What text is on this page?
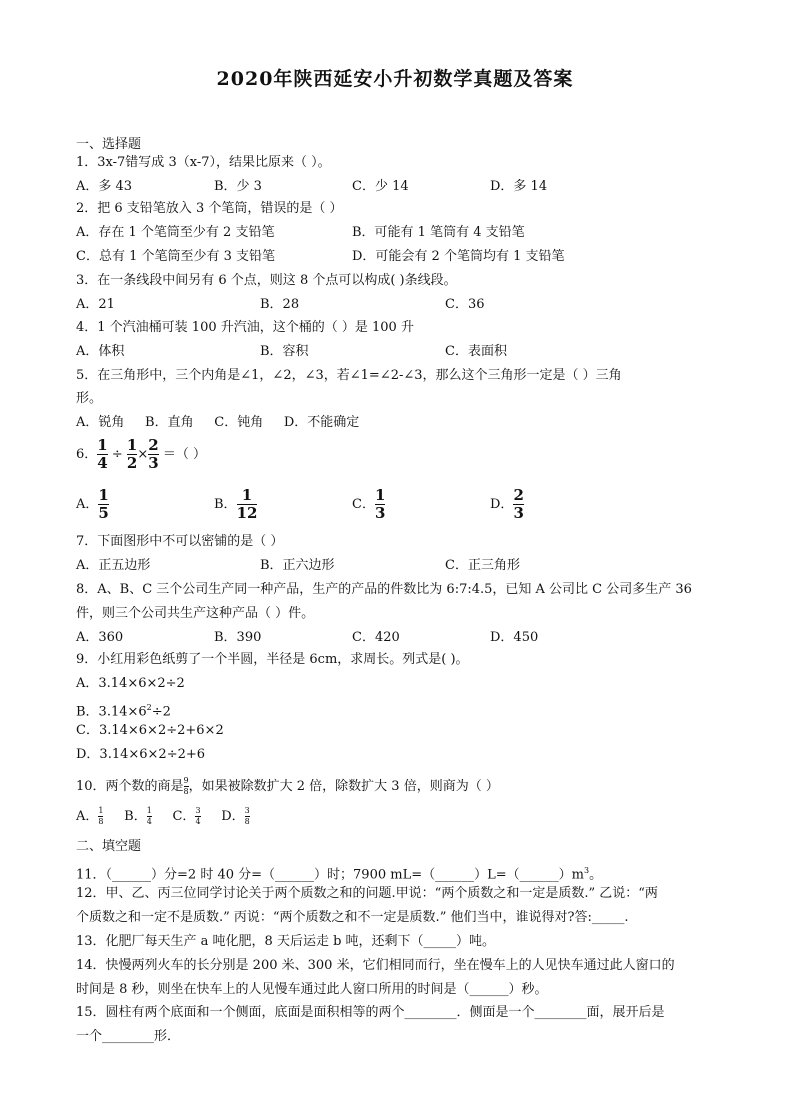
2020年陕西延安小升初数学真题及答案
一、选择题
1．3x-7错写成 3（x-7），结果比原来（ ）。
A．多 43	B．少 3	C．少 14	D．多 14
2．把 6 支铅笔放入 3 个笔筒，错误的是（ ）
A．存在 1 个笔筒至少有 2 支铅笔	B．可能有 1 笔筒有 4 支铅笔
C．总有 1 个笔筒至少有 3 支铅笔	D．可能会有 2 个笔筒均有 1 支铅笔
3．在一条线段中间另有 6 个点，则这 8 个点可以构成( )条线段。
A．21	B．28	C．36
4．1 个汽油桶可装 100 升汽油，这个桶的（ ）是 100 升
A．体积	B．容积	C．表面积
5．在三角形中，三个内角是∠1，∠2，∠3，若∠1=∠2-∠3，那么这个三角形一定是（ ）三角
形。
A．锐角     B．直角     C．钝角     D．不能确定
6． $\frac{1}{4} \div \frac{1}{2} \times \frac{2}{3}$ ＝（ ）
A． $\frac{1}{5}$	B． $\frac{1}{12}$	C． $\frac{1}{3}$	D． $\frac{2}{3}$
7．下面图形中不可以密铺的是（ ）
A．正五边形	B．正六边形	C．正三角形
8．A、B、C 三个公司生产同一种产品，生产的产品的件数比为 6:7:4.5，已知 A 公司比 C 公司多生产 36
件，则三个公司共生产这种产品（ ）件。
A．360	B．390	C．420	D．450
9．小红用彩色纸剪了一个半圆，半径是 6cm，求周长。列式是( )。
A．3.14×6×2÷2
B．$3.14\times 6^2\div 2$
C．3.14×6×2÷2+6×2
D．3.14×6×2÷2+6
10．两个数的商是 $\frac{9}{8}$ ，如果被除数扩大 2 倍，除数扩大 3 倍，则商为（ ）
A． $\frac{1}{8}$ B． $\frac{1}{4}$ C． $\frac{3}{4}$ D． $\frac{3}{8}$
二、填空题
11．（______）分=2 时 40 分=（______）时；7900 $mL=(\_\_\_\_\_\_)L=(\_\_\_\_\_\_)m^3$。
12．甲、乙、丙三位同学讨论关于两个质数之和的问题.甲说：“两个质数之和一定是质数.” 乙说：“两
个质数之和一定不是质数.” 丙说：“两个质数之和不一定是质数.” 他们当中，谁说得对?答:_____.
13．化肥厂每天生产 a 吨化肥，8 天后运走 b 吨，还剩下（_____）吨。
14．快慢两列火车的长分别是 200 米、300 米，它们相同而行，坐在慢车上的人见快车通过此人窗口的
时间是 8 秒，则坐在快车上的人见慢车通过此人窗口所用的时间是（______）秒。
15．圆柱有两个底面和一个侧面，底面是面积相等的两个________．侧面是一个________面，展开后是
一个________形．
